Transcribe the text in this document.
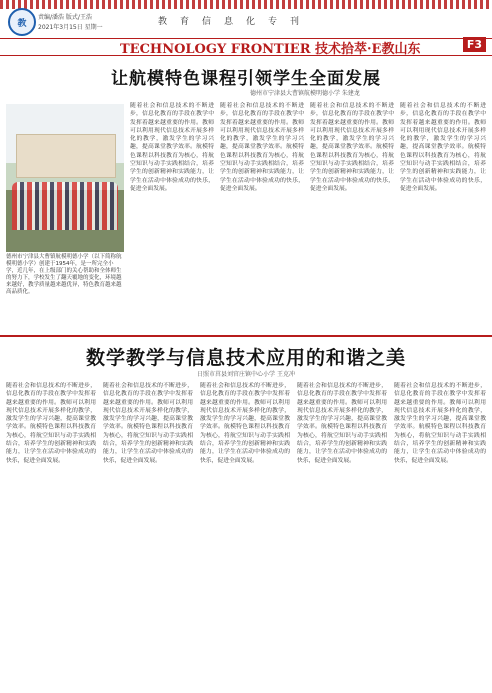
教
责编/潘浩 版式/王浩
2021年3月15日 星期一
教育信息化专刊
TECHNOLOGY FRONTIER 技术拾萃·E教山东	F3
让航模特色课程引领学生全面发展
德州市宁津县大曹镇航模明德小学 朱建龙
德州市宁津县大曹镇航模明德小学（以下简称航模明德小学）创建于1954年，是一所完全小学，近几年，在上级部门的关心帮助和全体师生的努力下，学校发生了翻天覆地的变化，环境越来越好，教学质量越来越优异，特色教育越来越高品质化。
随着社会和信息技术的不断进步，信息化教育的手段在教学中发挥着越来越重要的作用。教师可以利用现代信息技术开展多样化的教学，激发学生的学习兴趣，提高课堂教学效率。航模特色课程以科技教育为核心，将航空知识与动手实践相结合，培养学生的创新精神和实践能力，让学生在活动中体验成功的快乐，促进全面发展。
随着社会和信息技术的不断进步，信息化教育的手段在教学中发挥着越来越重要的作用。教师可以利用现代信息技术开展多样化的教学，激发学生的学习兴趣，提高课堂教学效率。航模特色课程以科技教育为核心，将航空知识与动手实践相结合，培养学生的创新精神和实践能力，让学生在活动中体验成功的快乐，促进全面发展。
随着社会和信息技术的不断进步，信息化教育的手段在教学中发挥着越来越重要的作用。教师可以利用现代信息技术开展多样化的教学，激发学生的学习兴趣，提高课堂教学效率。航模特色课程以科技教育为核心，将航空知识与动手实践相结合，培养学生的创新精神和实践能力，让学生在活动中体验成功的快乐，促进全面发展。
随着社会和信息技术的不断进步，信息化教育的手段在教学中发挥着越来越重要的作用。教师可以利用现代信息技术开展多样化的教学，激发学生的学习兴趣，提高课堂教学效率。航模特色课程以科技教育为核心，将航空知识与动手实践相结合，培养学生的创新精神和实践能力，让学生在活动中体验成功的快乐，促进全面发展。
数学教学与信息技术应用的和谐之美
日照市莒县刘官庄镇中心小学 王克冲
随着社会和信息技术的不断进步，信息化教育的手段在教学中发挥着越来越重要的作用。教师可以利用现代信息技术开展多样化的教学，激发学生的学习兴趣，提高课堂教学效率。航模特色课程以科技教育为核心，将航空知识与动手实践相结合，培养学生的创新精神和实践能力，让学生在活动中体验成功的快乐，促进全面发展。
随着社会和信息技术的不断进步，信息化教育的手段在教学中发挥着越来越重要的作用。教师可以利用现代信息技术开展多样化的教学，激发学生的学习兴趣，提高课堂教学效率。航模特色课程以科技教育为核心，将航空知识与动手实践相结合，培养学生的创新精神和实践能力，让学生在活动中体验成功的快乐，促进全面发展。
随着社会和信息技术的不断进步，信息化教育的手段在教学中发挥着越来越重要的作用。教师可以利用现代信息技术开展多样化的教学，激发学生的学习兴趣，提高课堂教学效率。航模特色课程以科技教育为核心，将航空知识与动手实践相结合，培养学生的创新精神和实践能力，让学生在活动中体验成功的快乐，促进全面发展。
随着社会和信息技术的不断进步，信息化教育的手段在教学中发挥着越来越重要的作用。教师可以利用现代信息技术开展多样化的教学，激发学生的学习兴趣，提高课堂教学效率。航模特色课程以科技教育为核心，将航空知识与动手实践相结合，培养学生的创新精神和实践能力，让学生在活动中体验成功的快乐，促进全面发展。
随着社会和信息技术的不断进步，信息化教育的手段在教学中发挥着越来越重要的作用。教师可以利用现代信息技术开展多样化的教学，激发学生的学习兴趣，提高课堂教学效率。航模特色课程以科技教育为核心，将航空知识与动手实践相结合，培养学生的创新精神和实践能力，让学生在活动中体验成功的快乐，促进全面发展。
